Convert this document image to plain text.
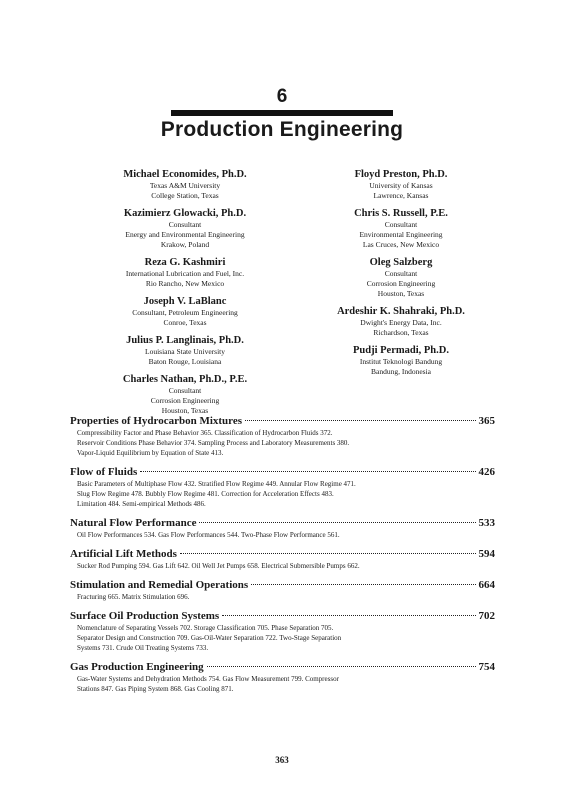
6
Production Engineering
Michael Economides, Ph.D.
Texas A&M University
College Station, Texas
Kazimierz Glowacki, Ph.D.
Consultant
Energy and Environmental Engineering
Krakow, Poland
Reza G. Kashmiri
International Lubrication and Fuel, Inc.
Rio Rancho, New Mexico
Joseph V. LaBlanc
Consultant, Petroleum Engineering
Conroe, Texas
Julius P. Langlinais, Ph.D.
Louisiana State University
Baton Rouge, Louisiana
Charles Nathan, Ph.D., P.E.
Consultant
Corrosion Engineering
Houston, Texas
Floyd Preston, Ph.D.
University of Kansas
Lawrence, Kansas
Chris S. Russell, P.E.
Consultant
Environmental Engineering
Las Cruces, New Mexico
Oleg Salzberg
Consultant
Corrosion Engineering
Houston, Texas
Ardeshir K. Shahraki, Ph.D.
Dwight's Energy Data, Inc.
Richardson, Texas
Pudji Permadi, Ph.D.
Institut Teknologi Bandung
Bandung, Indonesia
Properties of Hydrocarbon Mixtures	365
Compressibility Factor and Phase Behavior 365. Classification of Hydrocarbon Fluids 372.
Reservoir Conditions Phase Behavior 374. Sampling Process and Laboratory Measurements 380.
Vapor-Liquid Equilibrium by Equation of State 413.
Flow of Fluids	426
Basic Parameters of Multiphase Flow 432. Stratified Flow Regime 449. Annular Flow Regime 471.
Slug Flow Regime 478. Bubbly Flow Regime 481. Correction for Acceleration Effects 483.
Limitation 484. Semi-empirical Methods 486.
Natural Flow Performance	533
Oil Flow Performances 534. Gas Flow Performances 544. Two-Phase Flow Performance 561.
Artificial Lift Methods	594
Sucker Rod Pumping 594. Gas Lift 642. Oil Well Jet Pumps 658. Electrical Submersible Pumps 662.
Stimulation and Remedial Operations	664
Fracturing 665. Matrix Stimulation 696.
Surface Oil Production Systems	702
Nomenclature of Separating Vessels 702. Storage Classification 705. Phase Separation 705.
Separator Design and Construction 709. Gas-Oil-Water Separation 722. Two-Stage Separation
Systems 731. Crude Oil Treating Systems 733.
Gas Production Engineering	754
Gas-Water Systems and Dehydration Methods 754. Gas Flow Measurement 799. Compressor
Stations 847. Gas Piping System 868. Gas Cooling 871.
363
